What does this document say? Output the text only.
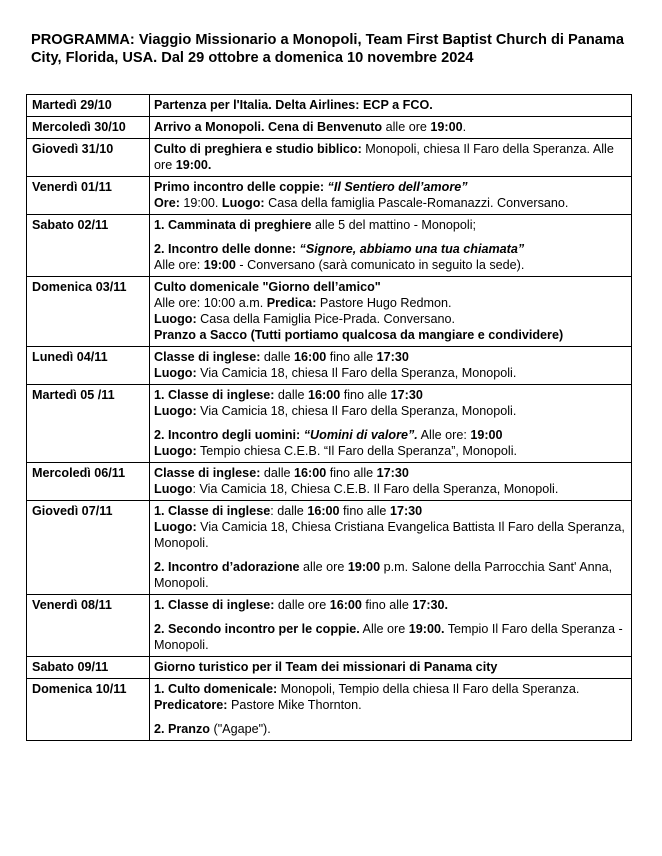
PROGRAMMA: Viaggio Missionario a Monopoli, Team First Baptist Church di Panama City, Florida, USA. Dal 29 ottobre a domenica 10 novembre 2024
Martedì 29/10	Partenza per l'Italia. Delta Airlines: ECP a FCO.

Mercoledì 30/10	Arrivo a Monopoli. Cena di Benvenuto alle ore 19:00.

Giovedì 31/10	Culto di preghiera e studio biblico: Monopoli, chiesa Il Faro della Speranza. Alle ore 19:00.

Venerdì 01/11	Primo incontro delle coppie: “Il Sentiero dell’amore”
Ore: 19:00. Luogo: Casa della famiglia Pascale-Romanazzi. Conversano.

Sabato 02/11	1. Camminata di preghiere alle 5 del mattino - Monopoli;
2. Incontro delle donne: “Signore, abbiamo una tua chiamata”
Alle ore: 19:00 - Conversano (sarà comunicato in seguito la sede).

Domenica 03/11	Culto domenicale "Giorno dell’amico"
Alle ore: 10:00 a.m. Predica: Pastore Hugo Redmon.
Luogo: Casa della Famiglia Pice-Prada. Conversano.
Pranzo a Sacco (Tutti portiamo qualcosa da mangiare e condividere)

Lunedì 04/11	Classe di inglese: dalle 16:00 fino alle 17:30
Luogo: Via Camicia 18, chiesa Il Faro della Speranza, Monopoli.

Martedì 05 /11	1. Classe di inglese: dalle 16:00 fino alle 17:30
Luogo: Via Camicia 18, chiesa Il Faro della Speranza, Monopoli.
2. Incontro degli uomini: “Uomini di valore”. Alle ore: 19:00
Luogo: Tempio chiesa C.E.B. “Il Faro della Speranza”, Monopoli.

Mercoledì 06/11	Classe di inglese: dalle 16:00 fino alle 17:30
Luogo: Via Camicia 18, Chiesa C.E.B. Il Faro della Speranza, Monopoli.

Giovedì 07/11	1. Classe di inglese: dalle 16:00 fino alle 17:30
Luogo: Via Camicia 18, Chiesa Cristiana Evangelica Battista Il Faro della Speranza, Monopoli.
2. Incontro d’adorazione alle ore 19:00 p.m. Salone della Parrocchia Sant' Anna, Monopoli.

Venerdì 08/11	1. Classe di inglese: dalle ore 16:00 fino alle 17:30.
2. Secondo incontro per le coppie. Alle ore 19:00. Tempio Il Faro della Speranza - Monopoli.

Sabato 09/11	Giorno turistico per il Team dei missionari di Panama city

Domenica 10/11	1. Culto domenicale: Monopoli, Tempio della chiesa Il Faro della Speranza. Predicatore: Pastore Mike Thornton.
2. Pranzo ("Agape").
